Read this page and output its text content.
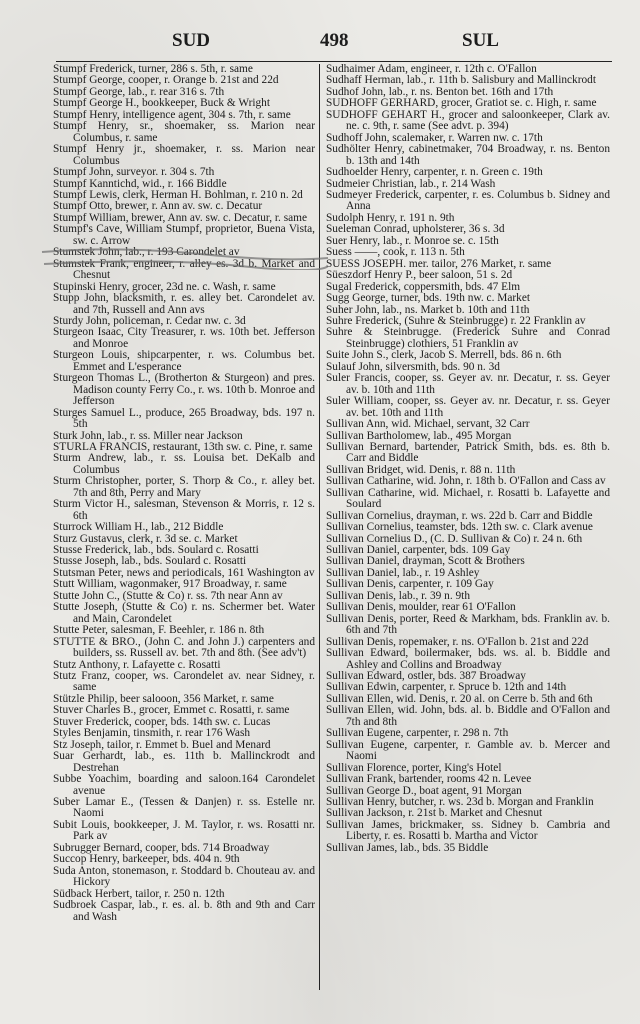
SUD	498	SUL

Stumpf Frederick, turner, 286 s. 5th, r. same

Stumpf George, cooper, r. Orange b. 21st and 22d

Stumpf George, lab., r. rear 316 s. 7th

Stumpf George H., bookkeeper, Buck & Wright

Stumpf Henry, intelligence agent, 304 s. 7th, r. same

Stumpf Henry, sr., shoemaker, ss. Marion near Columbus, r. same

Stumpf Henry jr., shoemaker, r. ss. Marion near Columbus

Stumpf John, surveyor. r. 304 s. 7th

Stumpf Kanntichd, wid., r. 166 Biddle

Stumpf Lewis, clerk, Herman H. Bohlman, r. 210 n. 2d

Stumpf Otto, brewer, r. Ann av. sw. c. Decatur

Stumpf William, brewer, Ann av. sw. c. Decatur, r. same

Stumpf's Cave, William Stumpf, proprietor, Buena Vista, sw. c. Arrow

Stumstek John, lab., r. 193 Carondelet av

Stumstek Frank, engineer, r. alley es. 3d b. Market and Chesnut

Stupinski Henry, grocer, 23d ne. c. Wash, r. same

Stupp John, blacksmith, r. es. alley bet. Carondelet av. and 7th, Russell and Ann avs

Sturdy John, policeman, r. Cedar nw. c. 3d

Sturgeon Isaac, City Treasurer, r. ws. 10th bet. Jefferson and Monroe

Sturgeon Louis, shipcarpenter, r. ws. Columbus bet. Emmet and L'esperance

Sturgeon Thomas L., (Brotherton & Sturgeon) and pres. Madison county Ferry Co., r. ws. 10th b. Monroe and Jefferson

Sturges Samuel L., produce, 265 Broadway, bds. 197 n. 5th

Sturk John, lab., r. ss. Miller near Jackson

STURLA FRANCIS, restaurant, 13th sw. c. Pine, r. same

Sturm Andrew, lab., r. ss. Louisa bet. DeKalb and Columbus

Sturm Christopher, porter, S. Thorp & Co., r. alley bet. 7th and 8th, Perry and Mary

Sturm Victor H., salesman, Stevenson & Morris, r. 12 s. 6th

Sturrock William H., lab., 212 Biddle

Sturz Gustavus, clerk, r. 3d se. c. Market

Stusse Frederick, lab., bds. Soulard c. Rosatti

Stusse Joseph, lab., bds. Soulard c. Rosatti

Stutsman Peter, news and periodicals, 161 Washington av

Stutt William, wagonmaker, 917 Broadway, r. same

Stutte John C., (Stutte & Co) r. ss. 7th near Ann av

Stutte Joseph, (Stutte & Co) r. ns. Schermer bet. Water and Main, Carondelet

Stutte Peter, salesman, F. Beehler, r. 186 n. 8th

STUTTE & BRO., (John C. and John J.) carpenters and builders, ss. Russell av. bet. 7th and 8th. (See adv't)

Stutz Anthony, r. Lafayette c. Rosatti

Stutz Franz, cooper, ws. Carondelet av. near Sidney, r. same

Stützle Philip, beer salooon, 356 Market, r. same

Stuver Charles B., grocer, Emmet c. Rosatti, r. same

Stuver Frederick, cooper, bds. 14th sw. c. Lucas

Styles Benjamin, tinsmith, r. rear 176 Wash

Stz Joseph, tailor, r. Emmet b. Buel and Menard

Suar Gerhardt, lab., es. 11th b. Mallinckrodt and Destrehan

Subbe Yoachim, boarding and saloon.164 Carondelet avenue

Suber Lamar E., (Tessen & Danjen) r. ss. Estelle nr. Naomi

Subit Louis, bookkeeper, J. M. Taylor, r. ws. Rosatti nr. Park av

Subrugger Bernard, cooper, bds. 714 Broadway

Succop Henry, barkeeper, bds. 404 n. 9th

Suda Anton, stonemason, r. Stoddard b. Chouteau av. and Hickory

Südback Herbert, tailor, r. 250 n. 12th

Sudbroek Caspar, lab., r. es. al. b. 8th and 9th and Carr and Wash

Sudhaimer Adam, engineer, r. 12th c. O'Fallon

Sudhaff Herman, lab., r. 11th b. Salisbury and Mallinckrodt

Sudhof John, lab., r. ns. Benton bet. 16th and 17th

SUDHOFF GERHARD, grocer, Gratiot se. c. High, r. same

SUDHOFF GEHART H., grocer and saloonkeeper, Clark av. ne. c. 9th, r. same (See advt. p. 394)

Sudhoff John, scalemaker, r. Warren nw. c. 17th

Sudhölter Henry, cabinetmaker, 704 Broadway, r. ns. Benton b. 13th and 14th

Sudhoelder Henry, carpenter, r. n. Green c. 19th

Sudmeier Christian, lab., r. 214 Wash

Sudmeyer Frederick, carpenter, r. es. Columbus b. Sidney and Anna

Sudolph Henry, r. 191 n. 9th

Sueleman Conrad, upholsterer, 36 s. 3d

Suer Henry, lab., r. Monroe se. c. 15th

Suess ——, cook, r. 113 n. 5th

SUESS JOSEPH. mer. tailor, 276 Market, r. same

Süeszdorf Henry P., beer saloon, 51 s. 2d

Sugal Frederick, coppersmith, bds. 47 Elm

Sugg George, turner, bds. 19th nw. c. Market

Suher John, lab., ns. Market b. 10th and 11th

Suhre Frederick, (Suhre & Steinbrugge) r. 22 Franklin av

Suhre & Steinbrugge. (Frederick Suhre and Conrad Steinbrugge) clothiers, 51 Franklin av

Suite John S., clerk, Jacob S. Merrell, bds. 86 n. 6th

Sulauf John, silversmith, bds. 90 n. 3d

Suler Francis, cooper, ss. Geyer av. nr. Decatur, r. ss. Geyer av. b. 10th and 11th

Suler William, cooper, ss. Geyer av. nr. Decatur, r. ss. Geyer av. bet. 10th and 11th

Sullivan Ann, wid. Michael, servant, 32 Carr

Sullivan Bartholomew, lab., 495 Morgan

Sullivan Bernard, bartender, Patrick Smith, bds. es. 8th b. Carr and Biddle

Sullivan Bridget, wid. Denis, r. 88 n. 11th

Sullivan Catharine, wid. John, r. 18th b. O'Fallon and Cass av

Sullivan Catharine, wid. Michael, r. Rosatti b. Lafayette and Soulard

Sullivan Cornelius, drayman, r. ws. 22d b. Carr and Biddle

Sullivan Cornelius, teamster, bds. 12th sw. c. Clark avenue

Sullivan Cornelius D., (C. D. Sullivan & Co) r. 24 n. 6th

Sullivan Daniel, carpenter, bds. 109 Gay

Sullivan Daniel, drayman, Scott & Brothers

Sullivan Daniel, lab., r. 19 Ashley

Sullivan Denis, carpenter, r. 109 Gay

Sullivan Denis, lab., r. 39 n. 9th

Sullivan Denis, moulder, rear 61 O'Fallon

Sullivan Denis, porter, Reed & Markham, bds. Franklin av. b. 6th and 7th

Sullivan Denis, ropemaker, r. ns. O'Fallon b. 21st and 22d

Sullivan Edward, boilermaker, bds. ws. al. b. Biddle and Ashley and Collins and Broadway

Sullivan Edward, ostler, bds. 387 Broadway

Sullivan Edwin, carpenter, r. Spruce b. 12th and 14th

Sullivan Ellen, wid. Denis, r. 20 al. on Cerre b. 5th and 6th

Sullivan Ellen, wid. John, bds. al. b. Biddle and O'Fallon and 7th and 8th

Sullivan Eugene, carpenter, r. 298 n. 7th

Sullivan Eugene, carpenter, r. Gamble av. b. Mercer and Naomi

Sullivan Florence, porter, King's Hotel

Sullivan Frank, bartender, rooms 42 n. Levee

Sullivan George D., boat agent, 91 Morgan

Sullivan Henry, butcher, r. ws. 23d b. Morgan and Franklin

Sullivan Jackson, r. 21st b. Market and Chesnut

Sullivan James, brickmaker, ss. Sidney b. Cambria and Liberty, r. es. Rosatti b. Martha and Victor

Sullivan James, lab., bds. 35 Biddle
